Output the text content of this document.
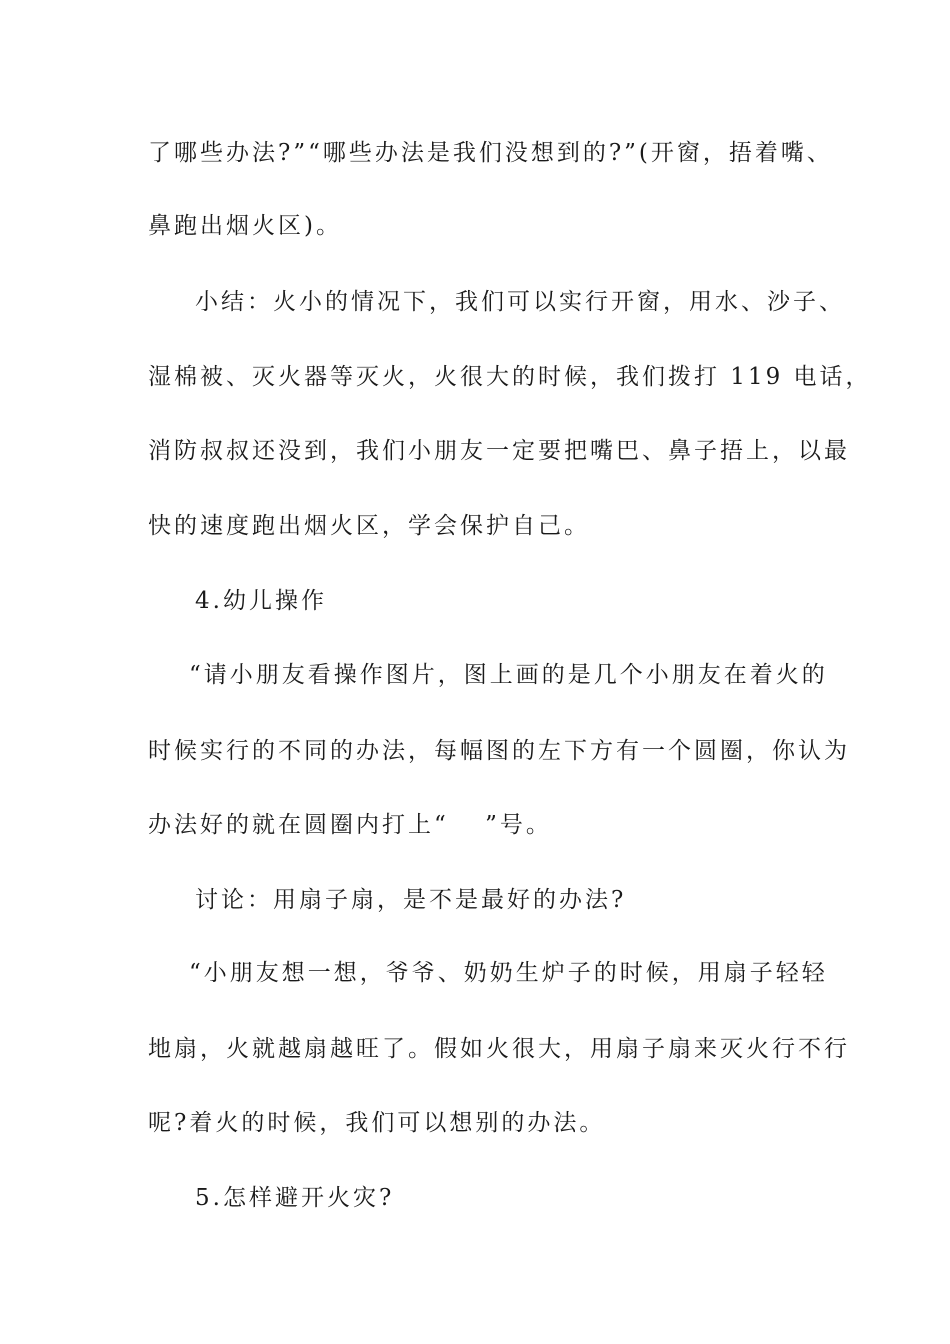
了哪些办法?”“哪些办法是我们没想到的?”(开窗，捂着嘴、
鼻跑出烟火区)。
小结：火小的情况下，我们可以实行开窗，用水、沙子、
湿棉被、灭火器等灭火，火很大的时候，我们拨打 119 电话，
消防叔叔还没到，我们小朋友一定要把嘴巴、鼻子捂上，以最
快的速度跑出烟火区，学会保护自己。
4.幼儿操作
“请小朋友看操作图片，图上画的是几个小朋友在着火的
时候实行的不同的办法，每幅图的左下方有一个圆圈，你认为
办法好的就在圆圈内打上“　 ”号。
讨论：用扇子扇，是不是最好的办法?
“小朋友想一想，爷爷、奶奶生炉子的时候，用扇子轻轻
地扇，火就越扇越旺了。假如火很大，用扇子扇来灭火行不行
呢?着火的时候，我们可以想别的办法。
5.怎样避开火灾?
